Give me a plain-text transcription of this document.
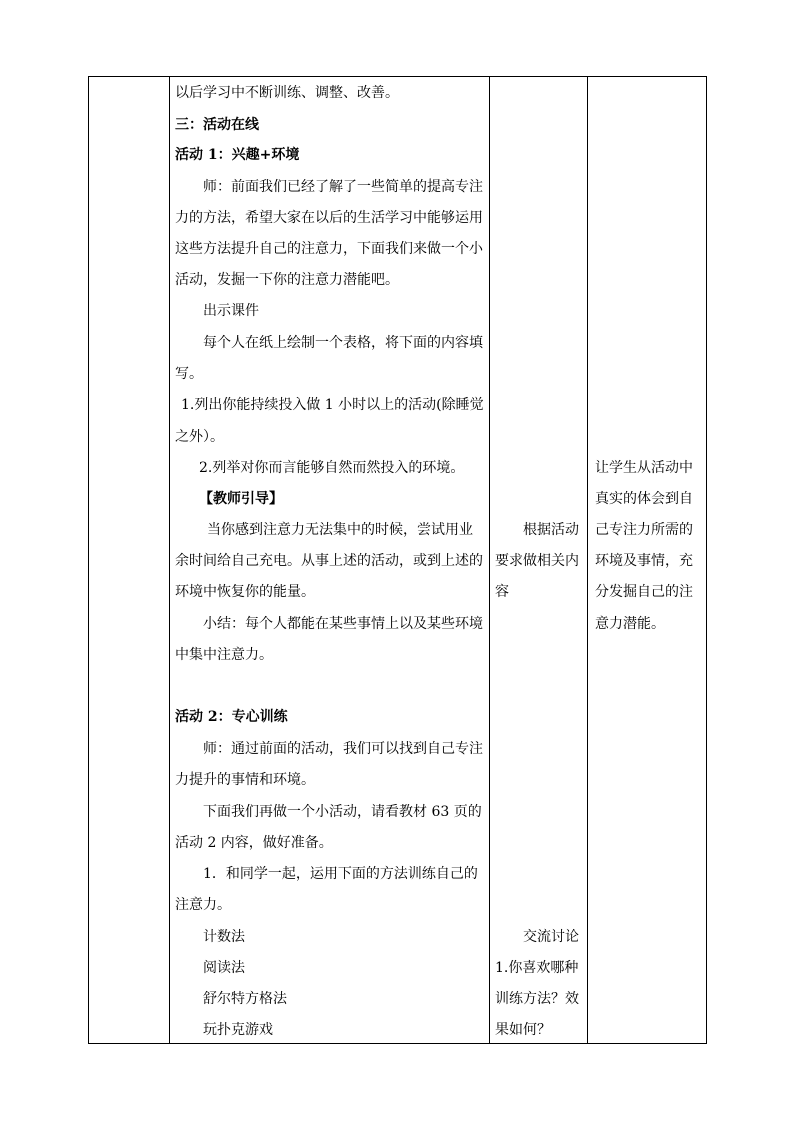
以后学习中不断训练、调整、改善。
三：活动在线
活动 1：兴趣+环境
师：前面我们已经了解了一些简单的提高专注
力的方法，希望大家在以后的生活学习中能够运用
这些方法提升自己的注意力，下面我们来做一个小
活动，发掘一下你的注意力潜能吧。
出示课件
每个人在纸上绘制一个表格，将下面的内容填
写。
1.列出你能持续投入做 1 小时以上的活动(除睡觉
之外）。
2.列举对你而言能够自然而然投入的环境。
【教师引导】
当你感到注意力无法集中的时候，尝试用业
余时间给自己充电。从事上述的活动，或到上述的
环境中恢复你的能量。
小结：每个人都能在某些事情上以及某些环境
中集中注意力。
活动 2：专心训练
师：通过前面的活动，我们可以找到自己专注
力提升的事情和环境。
下面我们再做一个小活动，请看教材 63 页的
活动 2 内容，做好准备。
1．和同学一起，运用下面的方法训练自己的
注意力。
计数法
阅读法
舒尔特方格法
玩扑克游戏
根据活动
要求做相关内
容
交流讨论
1.你喜欢哪种
训练方法？效
果如何？
让学生从活动中
真实的体会到自
己专注力所需的
环境及事情，充
分发掘自己的注
意力潜能。
